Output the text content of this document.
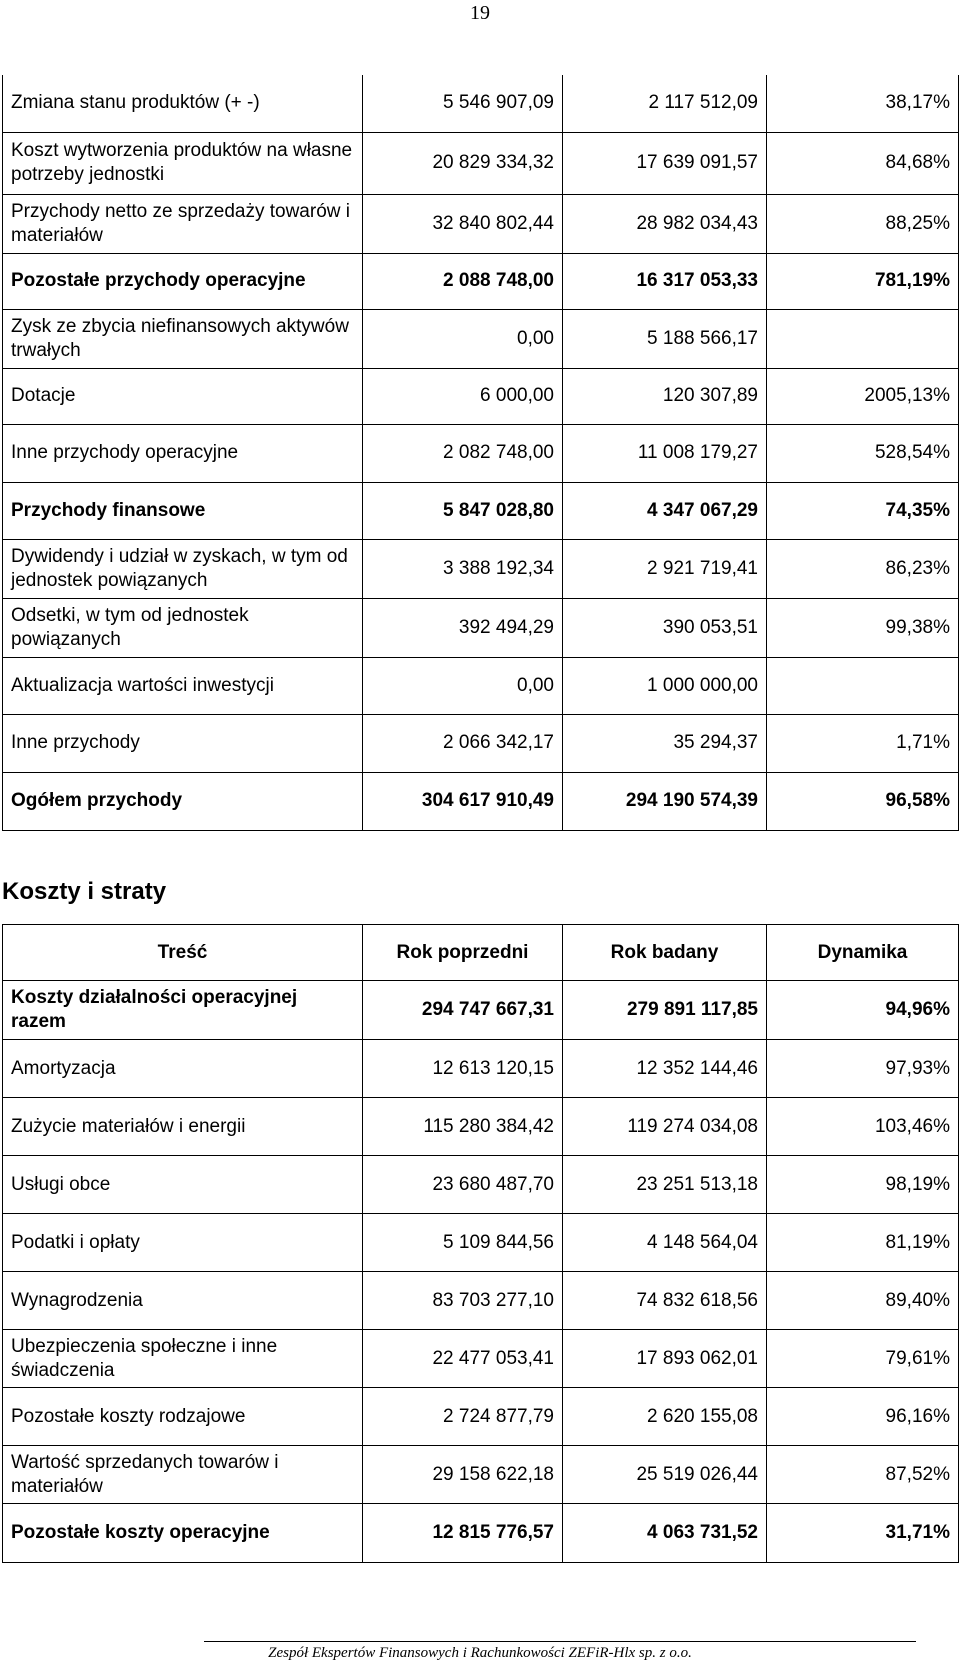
19
Zmiana stanu produktów (+ -)	5 546 907,09	2 117 512,09	38,17%
Koszt wytworzenia produktów na własne potrzeby jednostki	20 829 334,32	17 639 091,57	84,68%
Przychody netto ze sprzedaży towarów i materiałów	32 840 802,44	28 982 034,43	88,25%
Pozostałe przychody operacyjne	2 088 748,00	16 317 053,33	781,19%
Zysk ze zbycia niefinansowych aktywów trwałych	0,00	5 188 566,17	
Dotacje	6 000,00	120 307,89	2005,13%
Inne przychody operacyjne	2 082 748,00	11 008 179,27	528,54%
Przychody finansowe	5 847 028,80	4 347 067,29	74,35%
Dywidendy i udział w zyskach, w tym od jednostek powiązanych	3 388 192,34	2 921 719,41	86,23%
Odsetki, w tym od jednostek powiązanych	392 494,29	390 053,51	99,38%
Aktualizacja wartości inwestycji	0,00	1 000 000,00	
Inne przychody	2 066 342,17	35 294,37	1,71%
Ogółem przychody	304 617 910,49	294 190 574,39	96,58%
Koszty i straty
Treść	Rok poprzedni	Rok badany	Dynamika
Koszty działalności operacyjnej razem	294 747 667,31	279 891 117,85	94,96%
Amortyzacja	12 613 120,15	12 352 144,46	97,93%
Zużycie materiałów i energii	115 280 384,42	119 274 034,08	103,46%
Usługi obce	23 680 487,70	23 251 513,18	98,19%
Podatki i opłaty	5 109 844,56	4 148 564,04	81,19%
Wynagrodzenia	83 703 277,10	74 832 618,56	89,40%
Ubezpieczenia społeczne i inne świadczenia	22 477 053,41	17 893 062,01	79,61%
Pozostałe koszty rodzajowe	2 724 877,79	2 620 155,08	96,16%
Wartość sprzedanych towarów i materiałów	29 158 622,18	25 519 026,44	87,52%
Pozostałe koszty operacyjne	12 815 776,57	4 063 731,52	31,71%
Zespół Ekspertów Finansowych i Rachunkowości ZEFiR-Hlx sp. z o.o.
